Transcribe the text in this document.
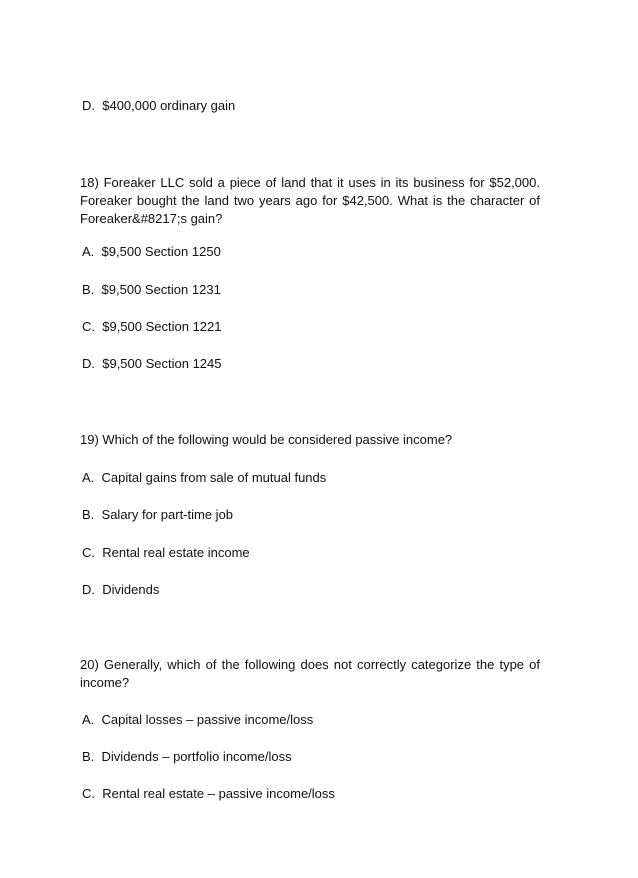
D. $400,000 ordinary gain
18) Foreaker LLC sold a piece of land that it uses in its business for $52,000.
Foreaker bought the land two years ago for $42,500. What is the character of
Foreaker&#8217;s gain?
A. $9,500 Section 1250
B. $9,500 Section 1231
C. $9,500 Section 1221
D. $9,500 Section 1245
19) Which of the following would be considered passive income?
A. Capital gains from sale of mutual funds
B. Salary for part-time job
C. Rental real estate income
D. Dividends
20) Generally, which of the following does not correctly categorize the type of
income?
A. Capital losses – passive income/loss
B. Dividends – portfolio income/loss
C. Rental real estate – passive income/loss
